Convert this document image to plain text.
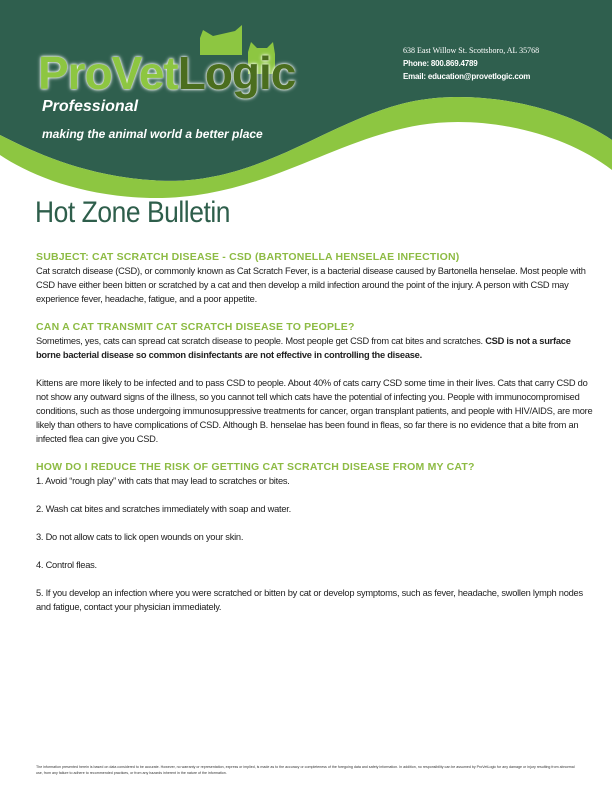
ProVetLogic
Professional
making the animal world a better place
638 East Willow St. Scottsboro, AL 35768
Phone: 800.869.4789
Email: education@provetlogic.com
Hot Zone Bulletin
SUBJECT: CAT SCRATCH DISEASE - CSD (BARTONELLA HENSELAE INFECTION)

Cat scratch disease (CSD), or commonly known as Cat Scratch Fever, is a bacterial disease caused by Bartonella henselae. Most people with CSD have either been bitten or scratched by a cat and then develop a mild infection around the point of the injury. A person with CSD may experience fever, headache, fatigue, and a poor appetite.

CAN A CAT TRANSMIT CAT SCRATCH DISEASE TO PEOPLE?

Sometimes, yes, cats can spread cat scratch disease to people. Most people get CSD from cat bites and scratches. CSD is not a surface borne bacterial disease so common disinfectants are not effective in controlling the disease.

Kittens are more likely to be infected and to pass CSD to people. About 40% of cats carry CSD some time in their lives. Cats that carry CSD do not show any outward signs of the illness, so you cannot tell which cats have the potential of infecting you. People with immunocompromised conditions, such as those undergoing immunosuppressive treatments for cancer, organ transplant patients, and people with HIV/AIDS, are more likely than others to have complications of CSD. Although B. henselae has been found in fleas, so far there is no evidence that a bite from an infected flea can give you CSD.

HOW DO I REDUCE THE RISK OF GETTING CAT SCRATCH DISEASE FROM MY CAT?

1. Avoid “rough play” with cats that may lead to scratches or bites.

2. Wash cat bites and scratches immediately with soap and water.

3. Do not allow cats to lick open wounds on your skin.

4. Control fleas.

5. If you develop an infection where you were scratched or bitten by cat or develop symptoms, such as fever, headache, swollen lymph nodes and fatigue, contact your physician immediately.

The information presented herein is based on data considered to be accurate. However, no warranty or representation, express or implied, is made as to the accuracy or completeness of the foregoing data and safety information. In addition, no responsibility can be assumed by ProVetLogic for any damage or injury resulting from abnormal use, from any failure to adhere to recommended practices, or from any hazards inherent in the nature of the information.
